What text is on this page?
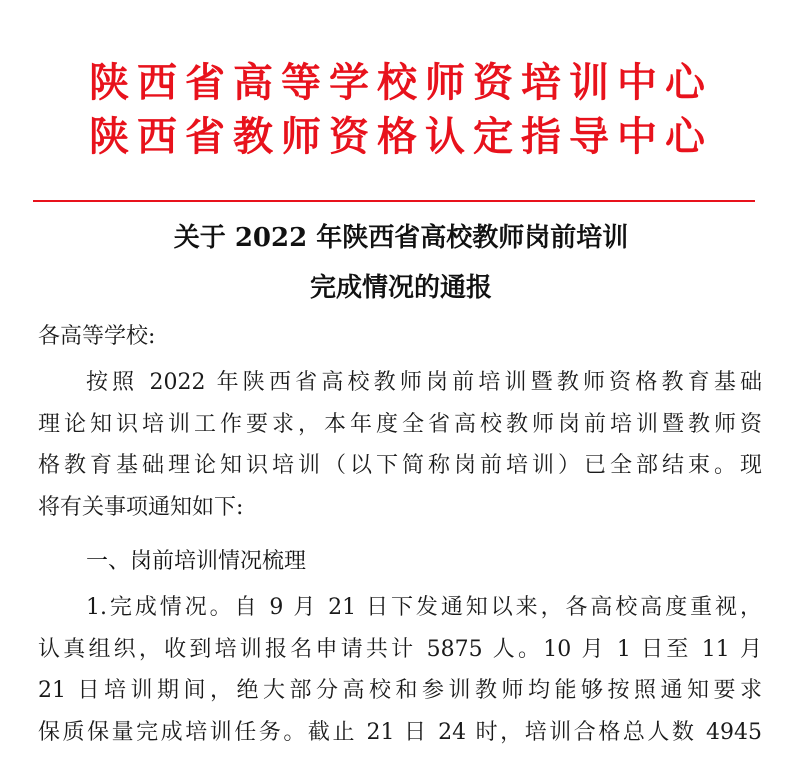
陕西省高等学校师资培训中心
陕西省教师资格认定指导中心
关于 2022 年陕西省高校教师岗前培训
完成情况的通报
各高等学校:
按照 2022 年陕西省高校教师岗前培训暨教师资格教育基础
理论知识培训工作要求，本年度全省高校教师岗前培训暨教师资
格教育基础理论知识培训（以下简称岗前培训）已全部结束。现
将有关事项通知如下:
一、岗前培训情况梳理
1.完成情况。自 9 月 21 日下发通知以来，各高校高度重视，
认真组织，收到培训报名申请共计 5875 人。10 月 1 日至 11 月
21 日培训期间，绝大部分高校和参训教师均能够按照通知要求
保质保量完成培训任务。截止 21 日 24 时，培训合格总人数 4945
